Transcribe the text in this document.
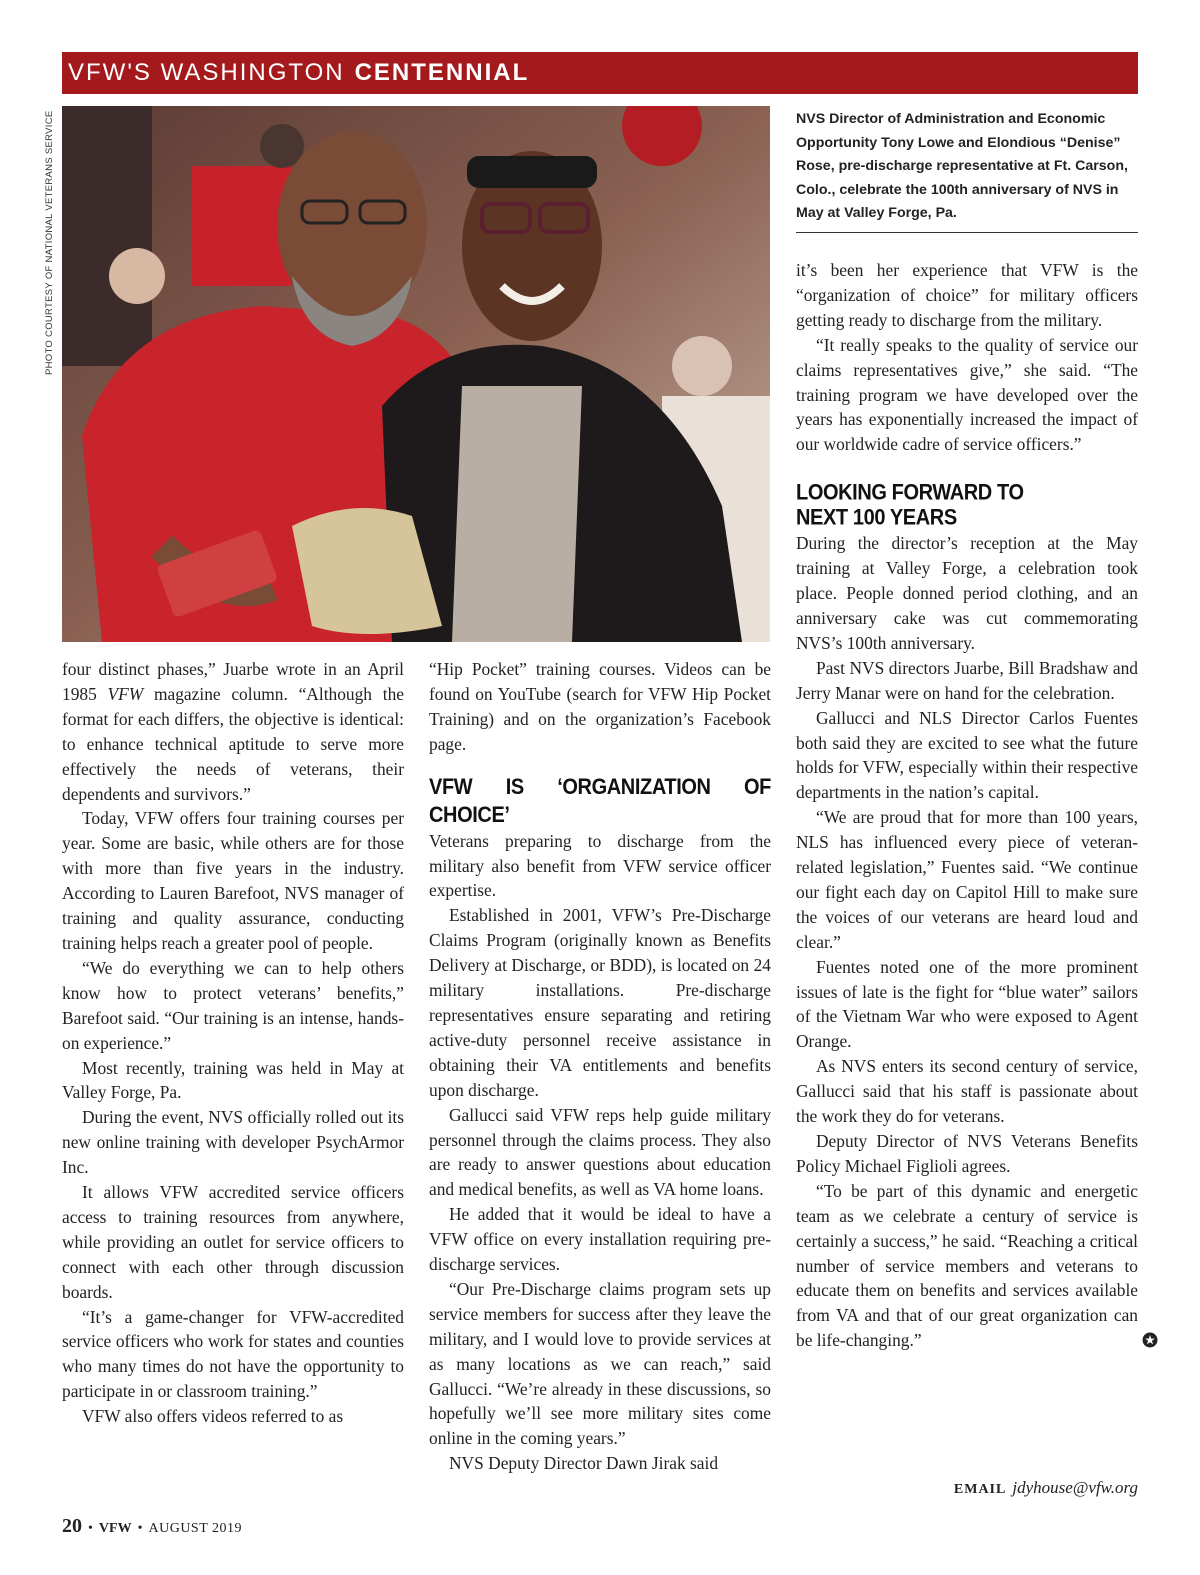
VFW'S WASHINGTON CENTENNIAL
PHOTO COURTESY OF NATIONAL VETERANS SERVICE	NVS Director of Administration and Economic Opportunity Tony Lowe and Elondious “Denise” Rose, pre-discharge representative at Ft. Carson, Colo., celebrate the 100th anniversary of NVS in May at Valley Forge, Pa.

four distinct phases,” Juarbe wrote in an April 1985 VFW magazine column. “Although the format for each differs, the objective is identical: to enhance technical aptitude to serve more effectively the needs of veterans, their dependents and survivors.”

Today, VFW offers four training courses per year. Some are basic, while others are for those with more than five years in the industry. According to Lauren Barefoot, NVS manager of training and quality assurance, conducting training helps reach a greater pool of people.

“We do everything we can to help others know how to protect veterans’ benefits,” Barefoot said. “Our training is an intense, hands-on experience.”

Most recently, training was held in May at Valley Forge, Pa.

During the event, NVS officially rolled out its new online training with developer PsychArmor Inc.

It allows VFW accredited service officers access to training resources from anywhere, while providing an outlet for service officers to connect with each other through discussion boards.

“It’s a game-changer for VFW-accredited service officers who work for states and counties who many times do not have the opportunity to participate in or classroom training.”

VFW also offers videos referred to as

“Hip Pocket” training courses. Videos can be found on YouTube (search for VFW Hip Pocket Training) and on the organization’s Facebook page.

VFW IS ‘ORGANIZATION OF CHOICE’

Veterans preparing to discharge from the military also benefit from VFW service officer expertise.

Established in 2001, VFW’s Pre-Discharge Claims Program (originally known as Benefits Delivery at Discharge, or BDD), is located on 24 military installations. Pre-discharge representatives ensure separating and retiring active-duty personnel receive assistance in obtaining their VA entitlements and benefits upon discharge.

Gallucci said VFW reps help guide military personnel through the claims process. They also are ready to answer questions about education and medical benefits, as well as VA home loans.

He added that it would be ideal to have a VFW office on every installation requiring pre-discharge services.

“Our Pre-Discharge claims program sets up service members for success after they leave the military, and I would love to provide services at as many locations as we can reach,” said Gallucci. “We’re already in these discussions, so hopefully we’ll see more military sites come online in the coming years.”

NVS Deputy Director Dawn Jirak said

it’s been her experience that VFW is the “organization of choice” for military officers getting ready to discharge from the military.

“It really speaks to the quality of service our claims representatives give,” she said. “The training program we have developed over the years has exponentially increased the impact of our worldwide cadre of service officers.”

LOOKING FORWARD TO
NEXT 100 YEARS

During the director’s reception at the May training at Valley Forge, a celebration took place. People donned period clothing, and an anniversary cake was cut commemorating NVS’s 100th anniversary.

Past NVS directors Juarbe, Bill Bradshaw and Jerry Manar were on hand for the celebration.

Gallucci and NLS Director Carlos Fuentes both said they are excited to see what the future holds for VFW, especially within their respective departments in the nation’s capital.

“We are proud that for more than 100 years, NLS has influenced every piece of veteran-related legislation,” Fuentes said. “We continue our fight each day on Capitol Hill to make sure the voices of our veterans are heard loud and clear.”

Fuentes noted one of the more prominent issues of late is the fight for “blue water” sailors of the Vietnam War who were exposed to Agent Orange.

As NVS enters its second century of service, Gallucci said that his staff is passionate about the work they do for veterans.

Deputy Director of NVS Veterans Benefits Policy Michael Figlioli agrees.

“To be part of this dynamic and energetic team as we celebrate a century of service is certainly a success,” he said. “Reaching a critical number of service members and veterans to educate them on benefits and services available from VA and that of our great organization can be life-changing.”

EMAIL jdyhouse@vfw.org
20 • VFW • AUGUST 2019
